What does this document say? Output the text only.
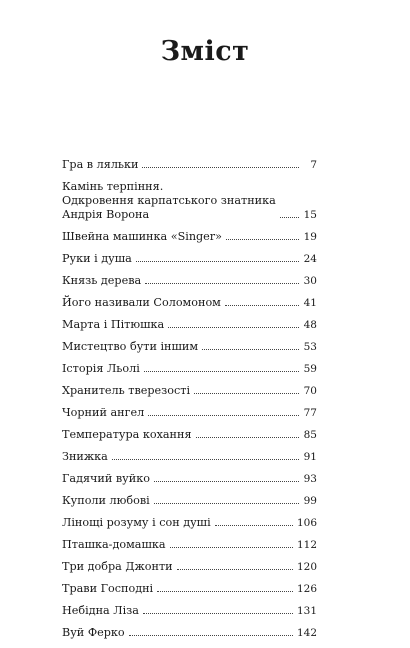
Зміст
Гра в ляльки	7
Камінь терпіння.
Одкровення карпатського знатника
Андрія Ворона	15
Швейна машинка «Singer»	19
Руки і душа	24
Князь дерева	30
Його називали Соломоном	41
Марта і Пітюшка	48
Мистецтво бути іншим	53
Історія Льолі	59
Хранитель тверезості	70
Чорний ангел	77
Температура кохання	85
Знижка	91
Гадячий вуйко	93
Куполи любові	99
Лінощі розуму і сон душі	106
Пташка-домашка	112
Три добра Джонти	120
Трави Господні	126
Небідна Ліза	131
Вуй Ферко	142
